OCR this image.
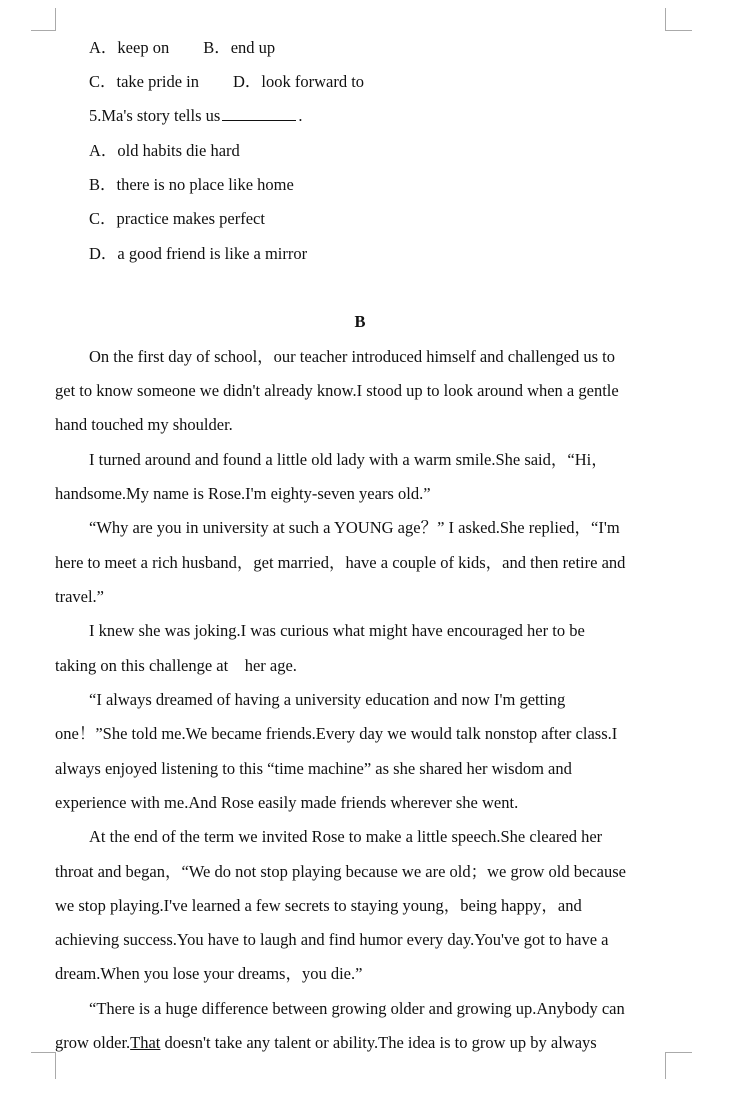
A．keep on B．end up
C．take pride in D．look forward to
5.Ma's story tells us	.
A．old habits die hard
B．there is no place like home
C．practice makes perfect
D．a good friend is like a mirror
B
On the first day of school，our teacher introduced himself and challenged us to
get to know someone we didn't already know.I stood up to look around when a gentle
hand touched my shoulder.
I turned around and found a little old lady with a warm smile.She said，“Hi，
handsome.My name is Rose.I'm eighty-seven years old.”
“Why are you in university at such a YOUNG age？” I asked.She replied，“I'm
here to meet a rich husband，get married，have a couple of kids，and then retire and
travel.”
I knew she was joking.I was curious what might have encouraged her to be
taking on this challenge at　her age.
“I always dreamed of having a university education and now I'm getting
one！”She told me.We became friends.Every day we would talk nonstop after class.I
always enjoyed listening to this “time machine” as she shared her wisdom and
experience with me.And Rose easily made friends wherever she went.
At the end of the term we invited Rose to make a little speech.She cleared her
throat and began，“We do not stop playing because we are old；we grow old because
we stop playing.I've learned a few secrets to staying young，being happy，and
achieving success.You have to laugh and find humor every day.You've got to have a
dream.When you lose your dreams，you die.”
“There is a huge difference between growing older and growing up.Anybody can
grow older.That doesn't take any talent or ability.The idea is to grow up by always
